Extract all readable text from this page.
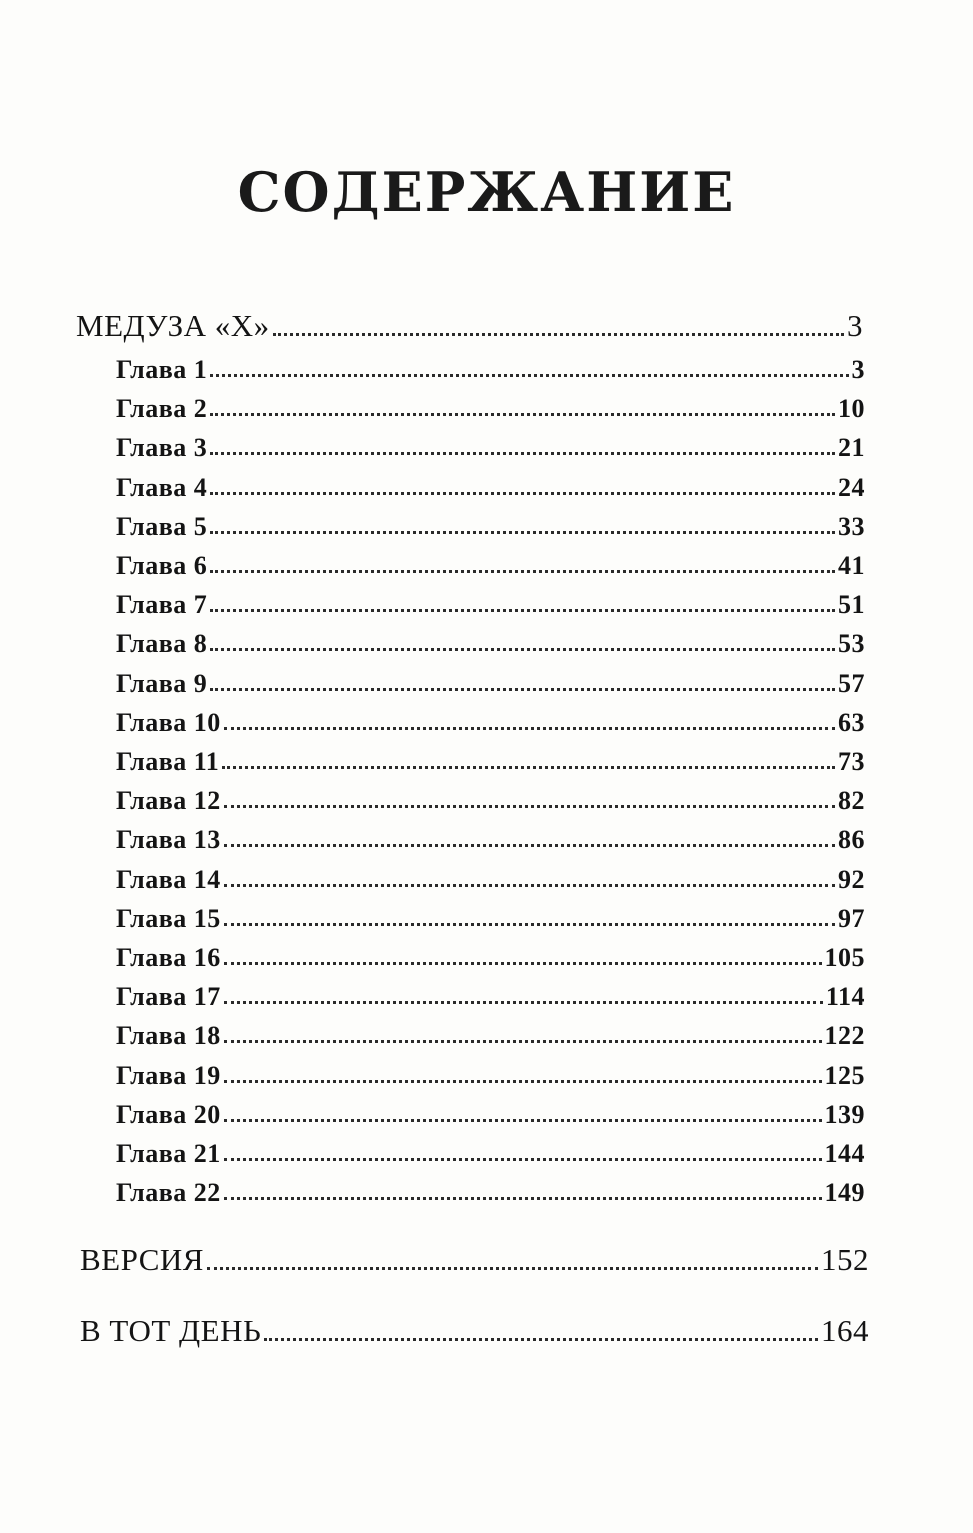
СОДЕРЖАНИЕ
МЕДУЗА «Х»	3
Глава 1	3
Глава 2	10
Глава 3	21
Глава 4	24
Глава 5	33
Глава 6	41
Глава 7	51
Глава 8	53
Глава 9	57
Глава 10	63
Глава 11	73
Глава 12	82
Глава 13	86
Глава 14	92
Глава 15	97
Глава 16	105
Глава 17	114
Глава 18	122
Глава 19	125
Глава 20	139
Глава 21	144
Глава 22	149
ВЕРСИЯ	152
В ТОТ ДЕНЬ	164
